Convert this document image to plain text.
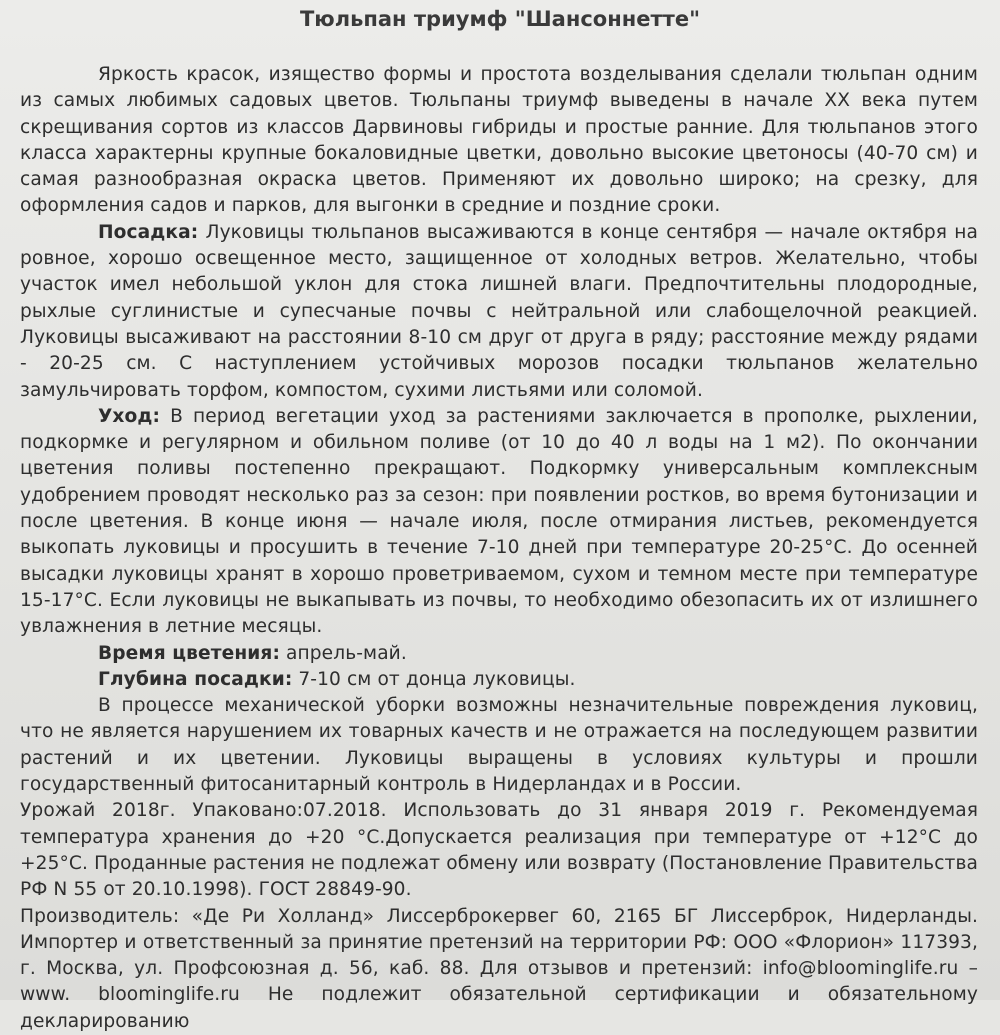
Тюльпан триумф "Шансоннетте"

Яркость красок, изящество формы и простота возделывания сделали тюльпан одним из самых любимых садовых цветов. Тюльпаны триумф выведены в начале XX века путем скрещивания сортов из классов Дарвиновы гибриды и простые ранние. Для тюльпанов этого класса характерны крупные бокаловидные цветки, довольно высокие цветоносы (40-70 см) и самая разнообразная окраска цветов. Применяют их довольно широко; на срезку, для оформления садов и парков, для выгонки в средние и поздние сроки.

Посадка: Луковицы тюльпанов высаживаются в конце сентября — начале октября на ровное, хорошо освещенное место, защищенное от холодных ветров. Желательно, чтобы участок имел небольшой уклон для стока лишней влаги. Предпочтительны плодородные, рыхлые суглинистые и супесчаные почвы с нейтральной или слабощелочной реакцией. Луковицы высаживают на расстоянии 8-10 см друг от друга в ряду; расстояние между рядами - 20-25 см. С наступлением устойчивых морозов посадки тюльпанов желательно замульчировать торфом, компостом, сухими листьями или соломой.

Уход: В период вегетации уход за растениями заключается в прополке, рыхлении, подкормке и регулярном и обильном поливе (от 10 до 40 л воды на 1 м2). По окончании цветения поливы постепенно прекращают. Подкормку универсальным комплексным удобрением проводят несколько раз за сезон: при появлении ростков, во время бутонизации и после цветения. В конце июня — начале июля, после отмирания листьев, рекомендуется выкопать луковицы и просушить в течение 7-10 дней при температуре 20-25°С. До осенней высадки луковицы хранят в хорошо проветриваемом, сухом и темном месте при температуре 15-17°С. Если луковицы не выкапывать из почвы, то необходимо обезопасить их от излишнего увлажнения в летние месяцы.

Время цветения: апрель-май.

Глубина посадки: 7-10 см от донца луковицы.

В процессе механической уборки возможны незначительные повреждения луковиц, что не является нарушением их товарных качеств и не отражается на последующем развитии растений и их цветении. Луковицы выращены в условиях культуры и прошли государственный фитосанитарный контроль в Нидерландах и в России.

Урожай 2018г. Упаковано:07.2018. Использовать до 31 января 2019 г. Рекомендуемая температура хранения до +20 °С.Допускается реализация при температуре от +12°С до +25°С. Проданные растения не подлежат обмену или возврату (Постановление Правительства РФ N 55 от 20.10.1998). ГОСТ 28849-90.

Производитель: «Де Ри Холланд» Лиссерброкервег 60, 2165 БГ Лиссерброк, Нидерланды. Импортер и ответственный за принятие претензий на территории РФ: ООО «Флорион» 117393, г. Москва, ул. Профсоюзная д. 56, каб. 88. Для отзывов и претензий: info@bloominglife.ru – www. bloominglife.ru Не подлежит обязательной сертификации и обязательному декларированию
